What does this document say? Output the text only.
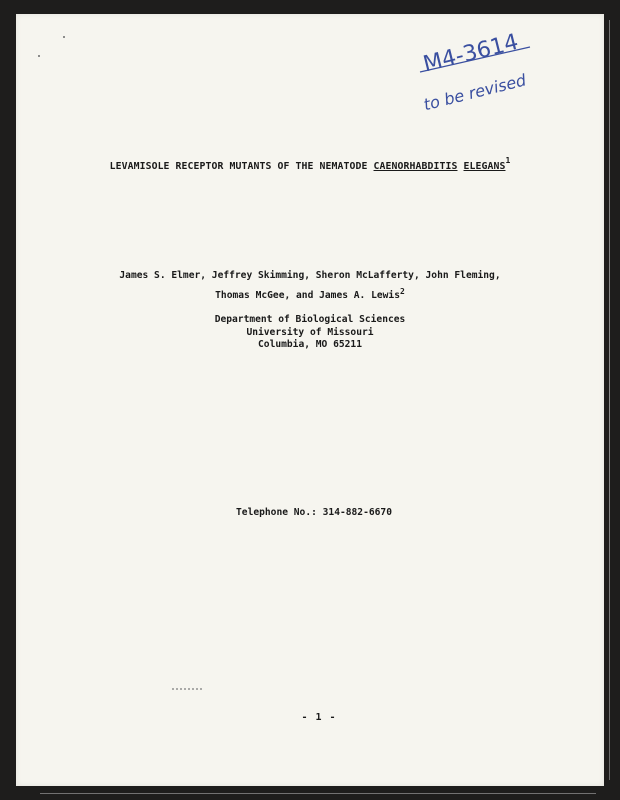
M4-3614
to be revised
LEVAMISOLE RECEPTOR MUTANTS OF THE NEMATODE CAENORHABDITIS ELEGANS$^1$
James S. Elmer, Jeffrey Skimming, Sheron McLafferty, John Fleming,
Thomas McGee, and James A. Lewis$^2$
Department of Biological Sciences
University of Missouri
Columbia, MO 65211
Telephone No.: 314-882-6670
- 1 -
